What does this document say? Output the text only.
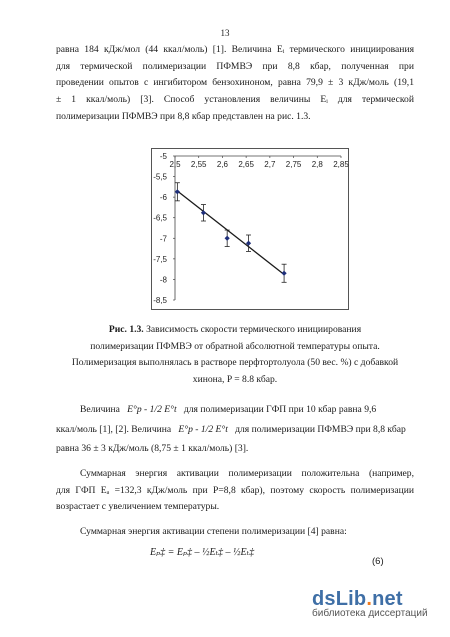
13
равна 184 кДж/мол (44 ккал/моль) [1]. Величина Eᵢ термического инициирования
для термической полимеризации ПФМВЭ при 8,8 кбар, полученная при
проведении опытов с ингибитором бензохиноном, равна 79,9 ± 3 кДж/моль (19,1
± 1 ккал/моль) [3]. Способ установления величины Eᵢ для термической
полимеризации ПФМВЭ при 8,8 кбар представлен на рис. 1.3.
-5
-5,5
-6
-6,5
-7
-7,5
-8
-8,5
2,5 2,55 2,6 2,65 2,7 2,75 2,8 2,85
Рис. 1.3. Зависимость скорости термического инициирования
полимеризации ПФМВЭ от обратной абсолютной температуры опыта.
Полимеризация выполнялась в растворе перфтортолуола (50 вес. %) с добавкой
хинона, P = 8.8 кбар.
Величина E°p - 1/2 E°t для полимеризации ГФП при 10 кбар равна 9,6
ккал/моль [1], [2]. Величина E°p - 1/2 E°t для полимеризации ПФМВЭ при 8,8 кбар
равна 36 ± 3 кДж/моль (8,75 ± 1 ккал/моль) [3].
Суммарная энергия активации полимеризации положительна (например,
для ГФП Eₐ =132,3 кДж/моль при P=8,8 кбар), поэтому скорость полимеризации
возрастает с увеличением температуры.
Суммарная энергия активации степени полимеризации [4] равна:
Eₚ‡ = Eₚ‡ – ½Eₜ‡ – ½Eₜ‡
(6)
dsLib.net
библиотека диссертаций
